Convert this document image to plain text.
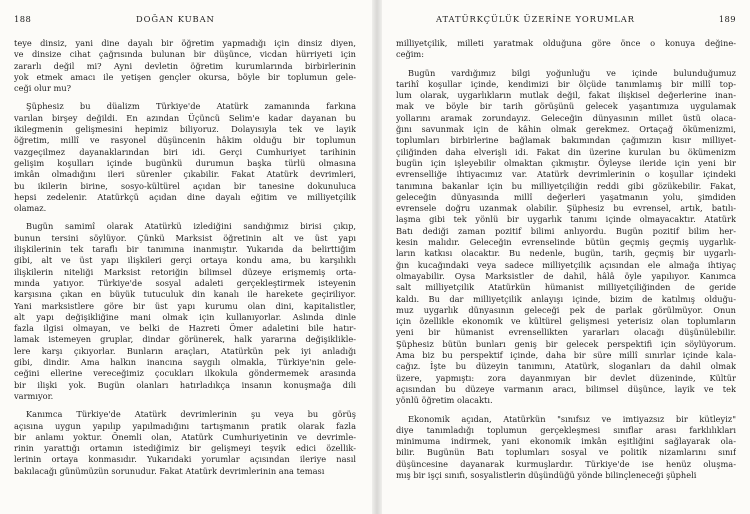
188	DOĞAN KUBAN
teye dinsiz, yani dine dayalı bir öğretim yapmadığı için dinsiz diyen,
ve dinsize cihat çağrısında bulunan bir düşünce, vicdan hürriyeti için
zararlı değil mi? Ayni devletin öğretim kurumlarında birbirlerinin
yok etmek amacı ile yetişen gençler okursa, böyle bir toplumun gele-
ceği olur mu?
Şüphesiz bu düalizm Türkiye'de Atatürk zamanında farkına
varılan birşey değildi. En azından Üçüncü Selim'e kadar dayanan bu
ikilegmenin gelişmesini hepimiz biliyoruz. Dolayısıyla tek ve layik
öğretim, millî ve rasyonel düşüncenin hâkim olduğu bir toplumun
vazgeçilmez dayanaklarından biri idi. Gerçi Cumhuriyet tarihinin
gelişim koşulları içinde bugünkü durumun başka türlü olmasına
imkân olmadığını ileri sürenler çıkabilir. Fakat Atatürk devrimleri,
bu ikilerin birine, sosyo-kültürel açıdan bir tanesine dokunuluca
hepsi zedelenir. Atatürkçü açıdan dine dayalı eğitim ve milliyetçilik
olamaz.
Bugün samimî olarak Atatürkü izlediğini sandığımız birisi çıkıp,
bunun tersini söylüyor. Çünkü Marksist öğretinin alt ve üst yapı
ilişkilerinin tek taraflı bir tanımına inanmıştır. Yukarıda da belirttiğim
gibi, alt ve üst yapı ilişkileri gerçi ortaya kondu ama, bu karşılıklı
ilişkilerin niteliği Marksist retoriğin bilimsel düzeye erişmemiş orta-
mında yatıyor. Türkiye'de sosyal adaleti gerçekleştirmek isteyenin
karşısına çıkan en büyük tutuculuk din kanalı ile harekete geçiriliyor.
Yani marksistlere göre bir üst yapı kurumu olan dini, kapitalistler,
alt yapı değişikliğine mani olmak için kullanıyorlar. Aslında dinle
fazla ilgisi olmayan, ve belki de Hazreti Ömer adaletini bile hatır-
lamak istemeyen gruplar, dindar görünerek, halk yararına değişiklikle-
lere karşı çıkıyorlar. Bunların araçları, Atatürkün pek iyi anladığı
gibi, dindir. Ama halkın inancına saygılı olmakla, Türkiye'nin gele-
ceğini ellerine vereceğimiz çocukları ilkokula göndermemek arasında
bir ilişki yok. Bugün olanları hatırladıkça insanın konuşmağa dili
varmıyor.
Kanımca Türkiye'de Atatürk devrimlerinin şu veya bu görüş
açısına uygun yapılıp yapılmadığını tartışmanın pratik olarak fazla
bir anlamı yoktur. Önemli olan, Atatürk Cumhuriyetinin ve devrimle-
rinin yarattığı ortamın istediğimiz bir gelişmeyi teşvik edici özellik-
lerinin ortaya konmasıdır. Yukarıdaki yorumlar açısından ileriye nasıl
bakılacağı günümüzün sorunudur. Fakat Atatürk devrimlerinin ana teması
ATATÜRKÇÜLÜK ÜZERİNE YORUMLAR	189
milliyetçilik, milleti yaratmak olduğuna göre önce o konuya değine-
ceğim:
Bugün vardığımız bilgi yoğunluğu ve içinde bulunduğumuz
tarihî koşullar içinde, kendimizi bir ölçüde tanımlamış bir millî top-
lum olarak, uygarlıkların mutlak değil, fakat ilişkisel değerlerine inan-
mak ve böyle bir tarih görüşünü gelecek yaşantımıza uygulamak
yollarını aramak zorundayız. Geleceğin dünyasının millet üstü olaca-
ğını savunmak için de kâhin olmak gerekmez. Ortaçağ ökümenizmi,
toplumları birbirlerine bağlamak bakımından çağımızın kısır milliyet-
çiliğinden daha elverişli idi. Fakat din üzerine kurulan bu ökümenizm
bugün için işleyebilir olmaktan çıkmıştır. Öyleyse ileride için yeni bir
evrenselliğe ihtiyacımız var. Atatürk devrimlerinin o koşullar içindeki
tanımına bakanlar için bu milliyetçiliğin reddi gibi gözükebilir. Fakat,
geleceğin dünyasında millî değerleri yaşatmanın yolu, şimdiden
evrensele doğru uzanmak olabilir. Şüphesiz bu evrensel, artık, batılı-
laşma gibi tek yönlü bir uygarlık tanımı içinde olmayacaktır. Atatürk
Batı dediği zaman pozitif bilimi anlıyordu. Bugün pozitif bilim her-
kesin malıdır. Geleceğin evrenselinde bütün geçmiş geçmiş uygarlık-
ların katkısı olacaktır. Bu nedenle, bugün, tarih, geçmiş bir uygarlı-
ğın kucağındaki veya sadece milliyetçilik açısından ele almağa ihtiyaç
olmayabilir. Oysa Marksistler de dahil, hâlâ öyle yapılıyor. Kanımca
salt milliyetçilik Atatürkün hümanist milliyetçiliğinden de geride
kaldı. Bu dar milliyetçilik anlayışı içinde, bizim de katılmış olduğu-
muz uygarlık dünyasının geleceği pek de parlak görülmüyor. Onun
için özellikle ekonomik ve kültürel gelişmesi yeterisiz olan toplumların
yeni bir hümanist evrensellikten yararları olacağı düşünülebilir.
Şüphesiz bütün bunları geniş bir gelecek perspektifi için söylüyorum.
Ama biz bu perspektif içinde, daha bir süre millî sınırlar içinde kala-
cağız. İşte bu düzeyin tanımını, Atatürk, sloganları da dahil olmak
üzere, yapmıştı: zora dayanmıyan bir devlet düzeninde, Kültür
açısından bu düzeye varmanın aracı, bilimsel düşünce, layik ve tek
yönlü öğretim olacaktı.
Ekonomik açıdan, Atatürkün "sınıfsız ve imtiyazsız bir kütleyiz"
diye tanımladığı toplumun gerçekleşmesi sınıflar arası farklılıkları
minimuma indirmek, yani ekonomik imkân eşitliğini sağlayarak ola-
bilir. Bugünün Batı toplumları sosyal ve politik nizamlarını sınıf
düşüncesine dayanarak kurmuşlardır. Türkiye'de ise henüz oluşma-
mış bir işçi sınıfı, sosyalistlerin düşündüğü yönde bilinçleneceği şüpheli
